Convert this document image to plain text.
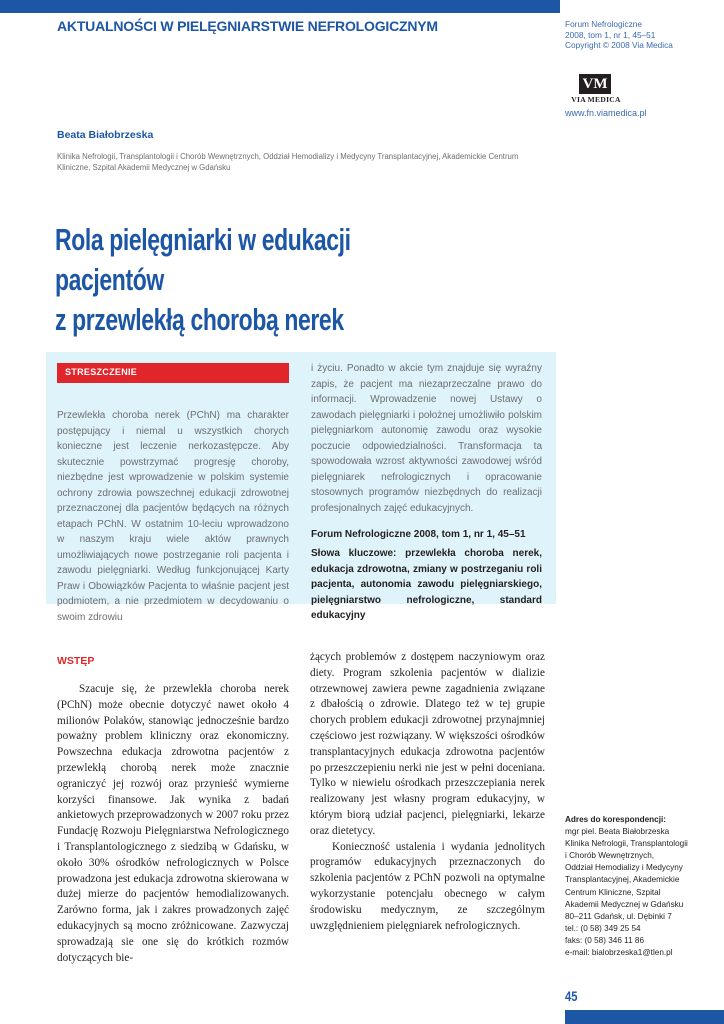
AKTUALNOŚCI W PIELĘGNIARSTWIE NEFROLOGICZNYM	Forum Nefrologiczne
2008, tom 1, nr 1, 45–51
Copyright © 2008 Via Medica
VM
VIA MEDICA
www.fn.viamedica.pl
Beata Białobrzeska
Klinika Nefrologii, Transplantologii i Chorób Wewnętrznych, Oddział Hemodializy i Medycyny Transplantacyjnej, Akademickie Centrum Kliniczne, Szpital Akademii Medycznej w Gdańsku
Rola pielęgniarki w edukacji pacjentów
z przewlekłą chorobą nerek
STRESZCZENIE
Przewlekła choroba nerek (PChN) ma charakter postępujący i niemal u wszystkich chorych konieczne jest leczenie nerkozastępcze. Aby skutecznie powstrzymać progresję choroby, niezbędne jest wprowadzenie w polskim systemie ochrony zdrowia powszechnej edukacji zdrowotnej przeznaczonej dla pacjentów będących na różnych etapach PChN. W ostatnim 10-leciu wprowadzono w naszym kraju wiele aktów prawnych umożliwiających nowe postrzeganie roli pacjenta i zawodu pielęgniarki. Według funkcjonującej Karty Praw i Obowiązków Pacjenta to właśnie pacjent jest podmiotem, a nie przedmiotem w decydowaniu o swoim zdrowiu
i życiu. Ponadto w akcie tym znajduje się wyraźny zapis, że pacjent ma niezaprzeczalne prawo do informacji. Wprowadzenie nowej Ustawy o zawodach pielęgniarki i położnej umożliwiło polskim pielęgniarkom autonomię zawodu oraz wysokie poczucie odpowiedzialności. Transformacja ta spowodowała wzrost aktywności zawodowej wśród pielęgniarek nefrologicznych i opracowanie stosownych programów niezbędnych do realizacji profesjonalnych zajęć edukacyjnych.
Forum Nefrologiczne 2008, tom 1, nr 1, 45–51
Słowa kluczowe: przewlekła choroba nerek, edukacja zdrowotna, zmiany w postrzeganiu roli pacjenta, autonomia zawodu pielęgniarskiego, pielęgniarstwo nefrologiczne, standard edukacyjny
WSTĘP

Szacuje się, że przewlekła choroba nerek (PChN) może obecnie dotyczyć nawet około 4 milionów Polaków, stanowiąc jednocześnie bardzo poważny problem kliniczny oraz ekonomiczny. Powszechna edukacja zdrowotna pacjentów z przewlekłą chorobą nerek może znacznie ograniczyć jej rozwój oraz przynieść wymierne korzyści finansowe. Jak wynika z badań ankietowych przeprowadzonych w 2007 roku przez Fundację Rozwoju Pielęgniarstwa Nefrologicznego i Transplantologicznego z siedzibą w Gdańsku, w około 30% ośrodków nefrologicznych w Polsce prowadzona jest edukacja zdrowotna skierowana w dużej mierze do pacjentów hemodializowanych. Zarówno forma, jak i zakres prowadzonych zajęć edukacyjnych są mocno zróżnicowane. Zazwyczaj sprowadzają sie one się do krótkich rozmów dotyczących bie-

żących problemów z dostępem naczyniowym oraz diety. Program szkolenia pacjentów w dializie otrzewnowej zawiera pewne zagadnienia związane z dbałością o zdrowie. Dlatego też w tej grupie chorych problem edukacji zdrowotnej przynajmniej częściowo jest rozwiązany. W większości ośrodków transplantacyjnych edukacja zdrowotna pacjentów po przeszczepieniu nerki nie jest w pełni doceniana. Tylko w niewielu ośrodkach przeszczepiania nerek realizowany jest własny program edukacyjny, w którym biorą udział pacjenci, pielęgniarki, lekarze oraz dietetycy.

Konieczność ustalenia i wydania jednolitych programów edukacyjnych przeznaczonych do szkolenia pacjentów z PChN pozwoli na optymalne wykorzystanie potencjału obecnego w całym środowisku medycznym, ze szczególnym uwzględnieniem pielęgniarek nefrologicznych.

Adres do korespondencji:
mgr piel. Beata Białobrzeska
Klinika Nefrologii, Transplantologii
i Chorób Wewnętrznych,
Oddział Hemodializy i Medycyny
Transplantacyjnej, Akademickie
Centrum Kliniczne, Szpital
Akademii Medycznej w Gdańsku
80–211 Gdańsk, ul. Dębinki 7
tel.: (0 58) 349 25 54
faks: (0 58) 346 11 86
e-mail: bialobrzeska1@tlen.pl
45
